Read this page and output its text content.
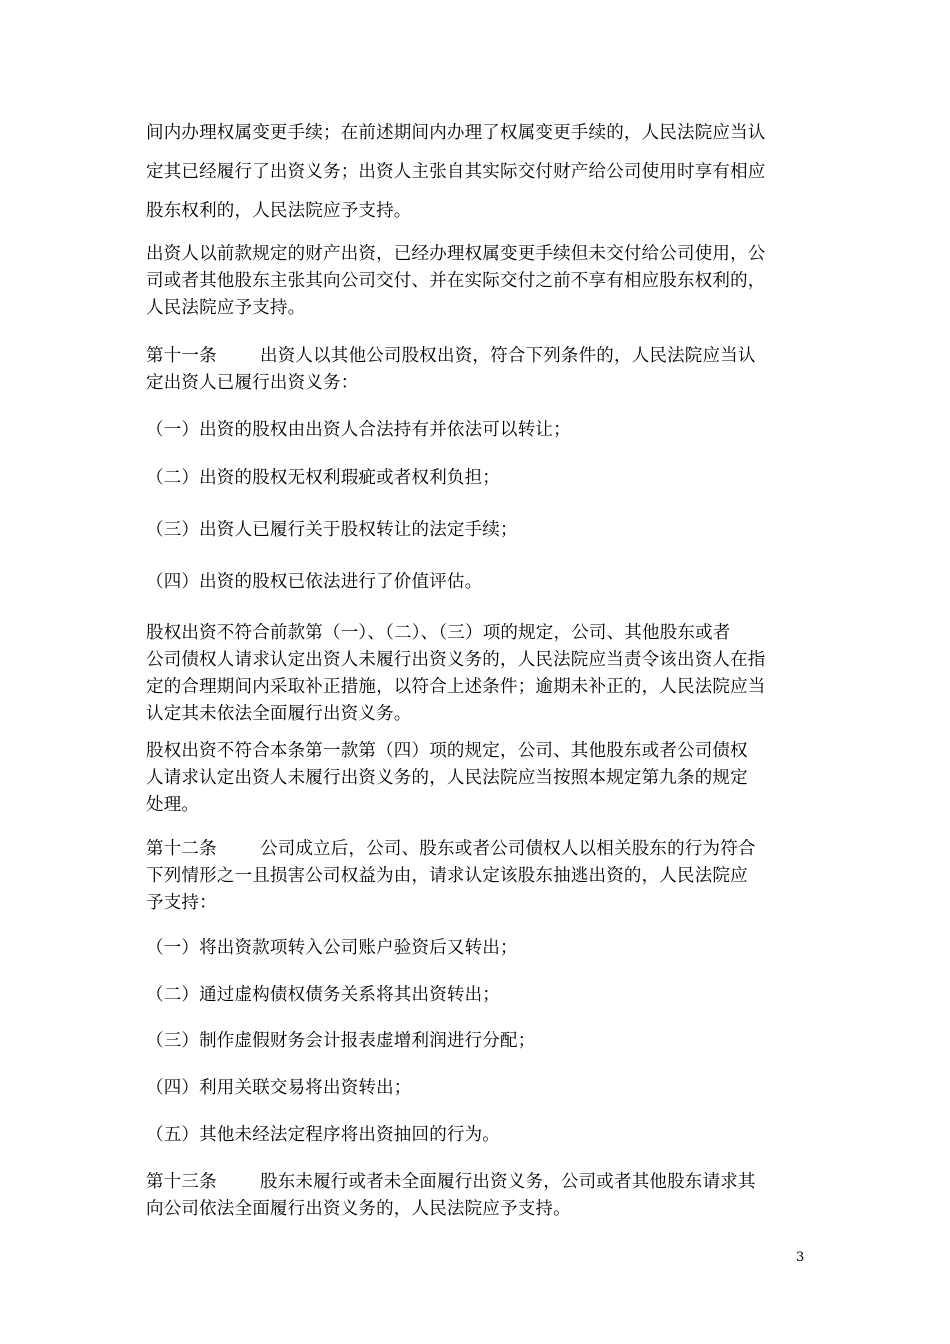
间内办理权属变更手续；在前述期间内办理了权属变更手续的，人民法院应当认
定其已经履行了出资义务；出资人主张自其实际交付财产给公司使用时享有相应
股东权利的，人民法院应予支持。

出资人以前款规定的财产出资，已经办理权属变更手续但未交付给公司使用，公
司或者其他股东主张其向公司交付、并在实际交付之前不享有相应股东权利的，
人民法院应予支持。

第十一条 出资人以其他公司股权出资，符合下列条件的，人民法院应当认
定出资人已履行出资义务：

（一）出资的股权由出资人合法持有并依法可以转让；

（二）出资的股权无权利瑕疵或者权利负担；

（三）出资人已履行关于股权转让的法定手续；

（四）出资的股权已依法进行了价值评估。

股权出资不符合前款第（一）、（二）、（三）项的规定，公司、其他股东或者
公司债权人请求认定出资人未履行出资义务的，人民法院应当责令该出资人在指
定的合理期间内采取补正措施，以符合上述条件；逾期未补正的，人民法院应当
认定其未依法全面履行出资义务。

股权出资不符合本条第一款第（四）项的规定，公司、其他股东或者公司债权
人请求认定出资人未履行出资义务的，人民法院应当按照本规定第九条的规定
处理。

第十二条 公司成立后，公司、股东或者公司债权人以相关股东的行为符合
下列情形之一且损害公司权益为由，请求认定该股东抽逃出资的，人民法院应
予支持：

（一）将出资款项转入公司账户验资后又转出；

（二）通过虚构债权债务关系将其出资转出；

（三）制作虚假财务会计报表虚增利润进行分配；

（四）利用关联交易将出资转出；

（五）其他未经法定程序将出资抽回的行为。

第十三条 股东未履行或者未全面履行出资义务，公司或者其他股东请求其
向公司依法全面履行出资义务的，人民法院应予支持。

3
